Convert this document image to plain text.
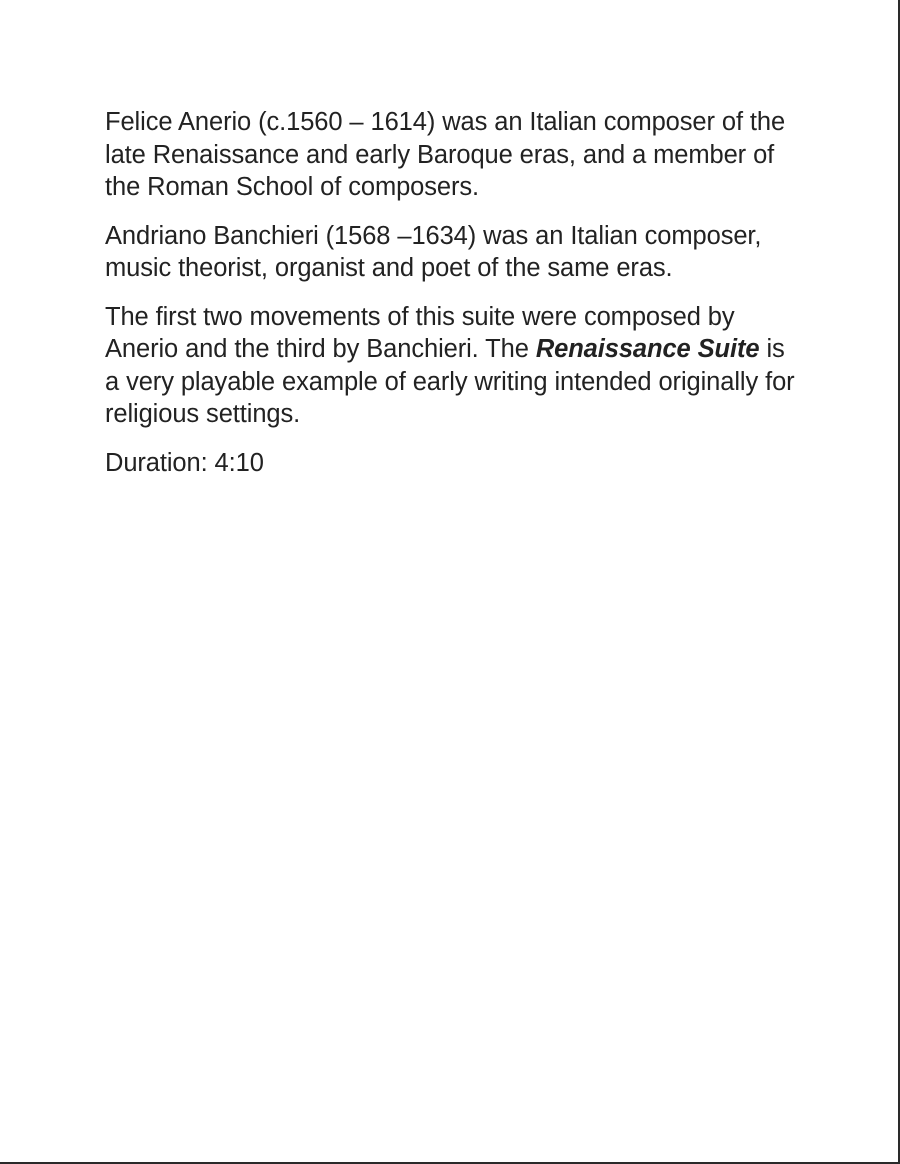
Felice Anerio (c.1560 – 1614) was an Italian composer of the late Renaissance and early Baroque eras, and a member of the Roman School of composers.

Andriano Banchieri (1568 –1634) was an Italian composer, music theorist, organist and poet of the same eras.

The first two movements of this suite were composed by Anerio and the third by Banchieri. The Renaissance Suite is a very playable example of early writing intended originally for religious settings.

Duration: 4:10
